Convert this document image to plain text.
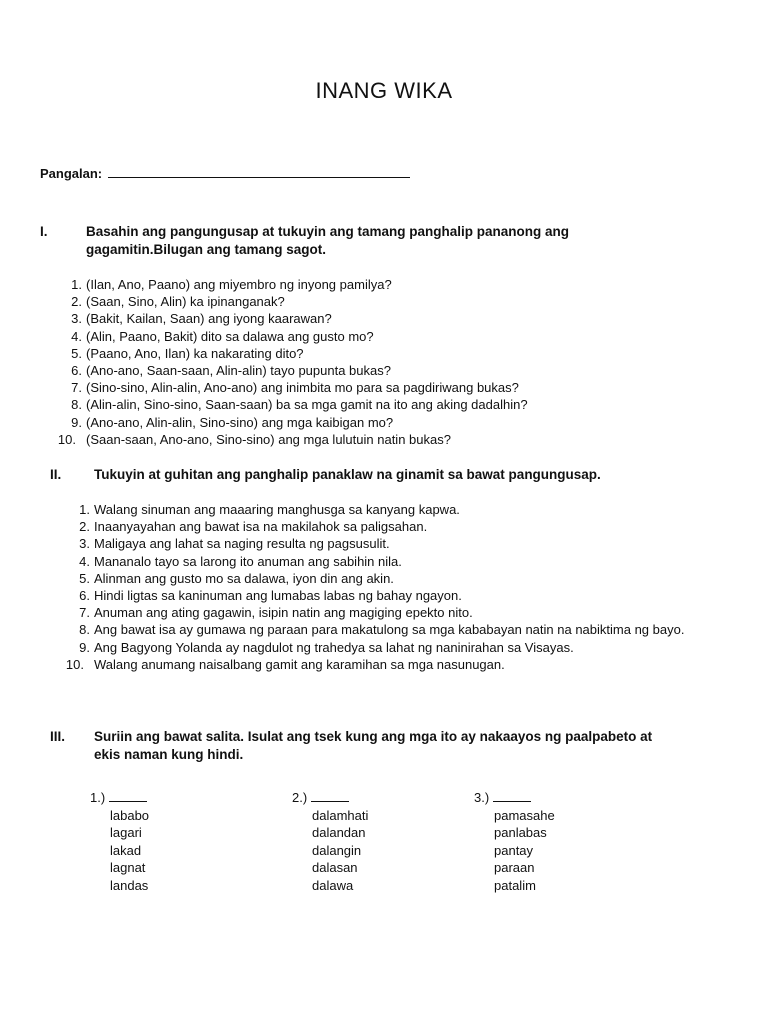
INANG WIKA
Pangalan:
I.	Basahin ang pangungusap at tukuyin ang tamang panghalip pananong ang gagamitin.Bilugan ang tamang sagot.
1. (Ilan, Ano, Paano) ang miyembro ng inyong pamilya?
2. (Saan, Sino, Alin) ka ipinanganak?
3. (Bakit, Kailan, Saan) ang iyong kaarawan?
4. (Alin, Paano, Bakit) dito sa dalawa ang gusto mo?
5. (Paano, Ano, Ilan) ka nakarating dito?
6. (Ano-ano, Saan-saan, Alin-alin) tayo pupunta bukas?
7. (Sino-sino, Alin-alin, Ano-ano) ang inimbita mo para sa pagdiriwang bukas?
8. (Alin-alin, Sino-sino, Saan-saan) ba sa mga gamit na ito ang aking dadalhin?
9. (Ano-ano, Alin-alin, Sino-sino) ang mga kaibigan mo?
10. (Saan-saan, Ano-ano, Sino-sino) ang mga lulutuin natin bukas?
II. Tukuyin at guhitan ang panghalip panaklaw na ginamit sa bawat pangungusap.
1. Walang sinuman ang maaaring manghusga sa kanyang kapwa.
2. Inaanyayahan ang bawat isa na makilahok sa paligsahan.
3. Maligaya ang lahat sa naging resulta ng pagsusulit.
4. Mananalo tayo sa larong ito anuman ang sabihin nila.
5. Alinman ang gusto mo sa dalawa, iyon din ang akin.
6. Hindi ligtas sa kaninuman ang lumabas labas ng bahay ngayon.
7. Anuman ang ating gagawin, isipin natin ang magiging epekto nito.
8. Ang bawat isa ay gumawa ng paraan para makatulong sa mga kababayan natin na nabiktima ng bayo.
9. Ang Bagyong Yolanda ay nagdulot ng trahedya sa lahat ng naninirahan sa Visayas.
10. Walang anumang naisalbang gamit ang karamihan sa mga nasunugan.
III. Suriin ang bawat salita. Isulat ang tsek kung ang mga ito ay nakaayos ng paalpabeto at ekis naman kung hindi.
1.)
lababo
lagari
lakad
lagnat
landas
2.)
dalamhati
dalandan
dalangin
dalasan
dalawa
3.)
pamasahe
panlabas
pantay
paraan
patalim
